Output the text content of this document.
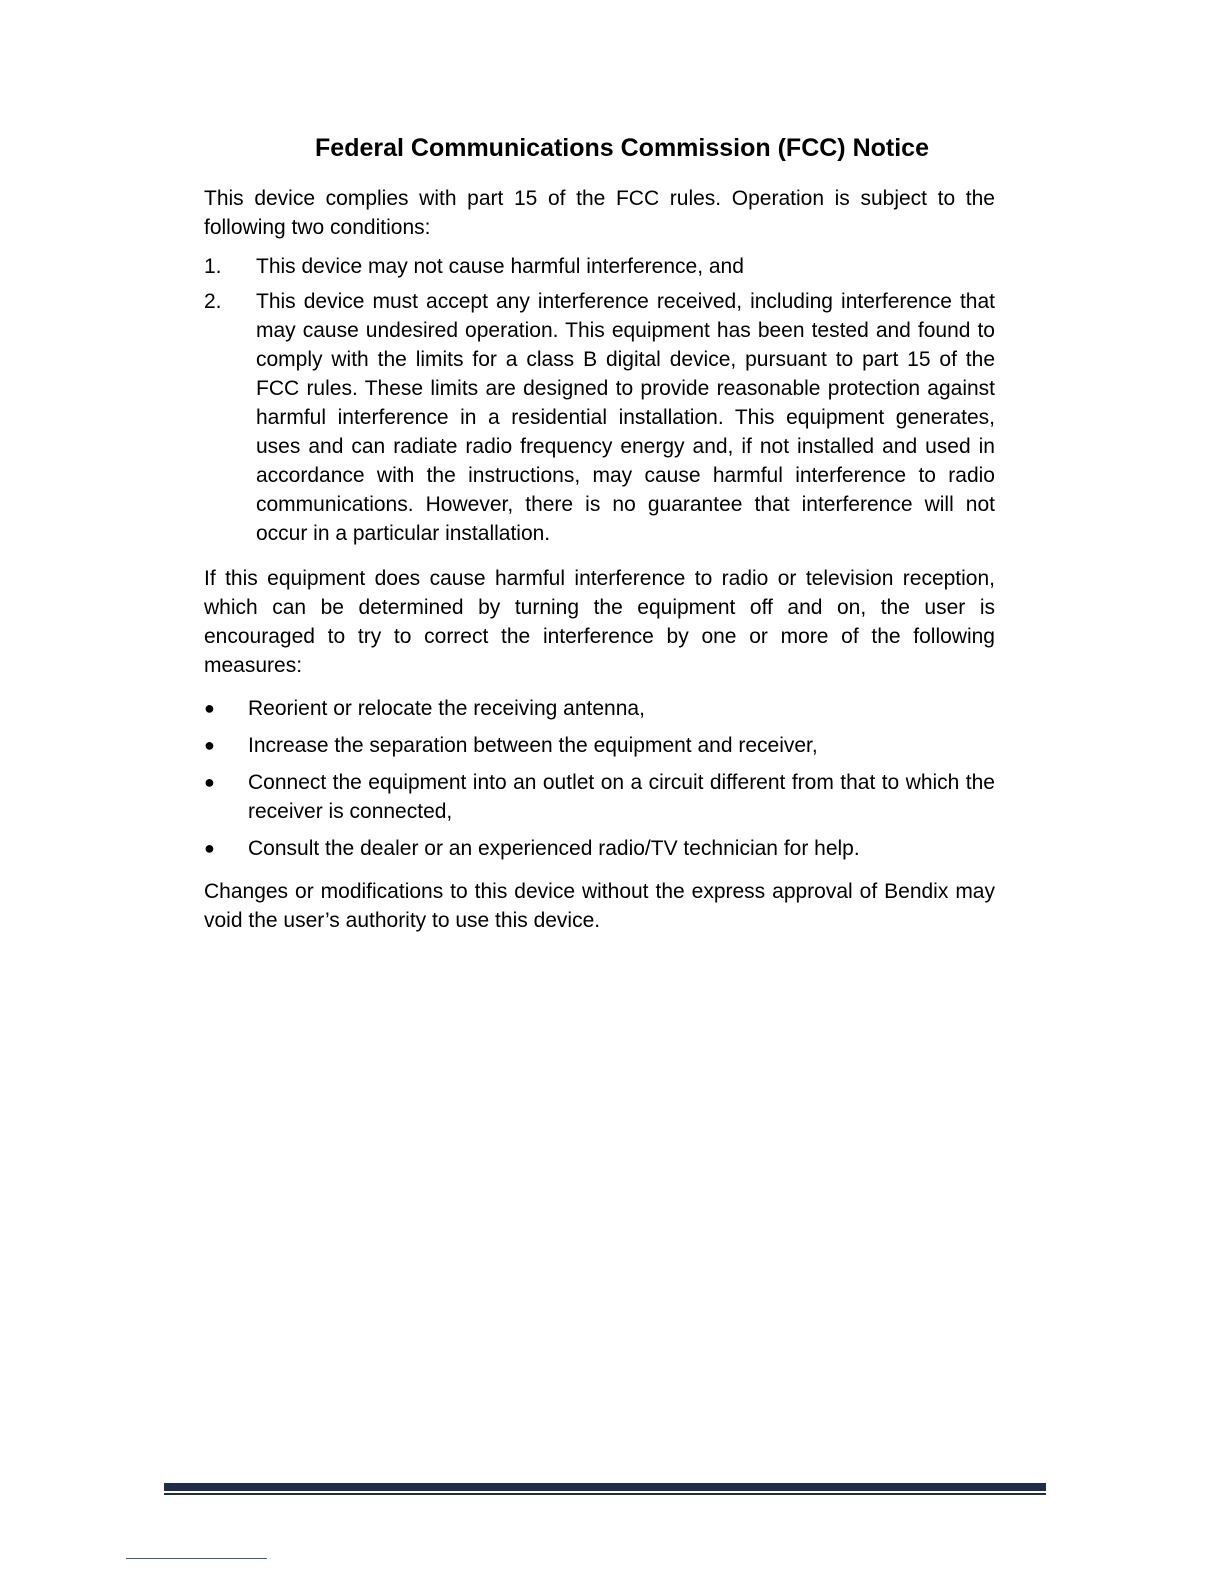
Federal Communications Commission (FCC) Notice

This device complies with part 15 of the FCC rules. Operation is subject to the following two conditions:

1.	This device may not cause harmful interference, and
2.	This device must accept any interference received, including interference that may cause undesired operation. This equipment has been tested and found to comply with the limits for a class B digital device, pursuant to part 15 of the FCC rules. These limits are designed to provide reasonable protection against harmful interference in a residential installation. This equipment generates, uses and can radiate radio frequency energy and, if not installed and used in accordance with the instructions, may cause harmful interference to radio communications. However, there is no guarantee that interference will not occur in a particular installation.

If this equipment does cause harmful interference to radio or television reception, which can be determined by turning the equipment off and on, the user is encouraged to try to correct the interference by one or more of the following measures:

●	Reorient or relocate the receiving antenna,
●	Increase the separation between the equipment and receiver,
●	Connect the equipment into an outlet on a circuit different from that to which the receiver is connected,
●	Consult the dealer or an experienced radio/TV technician for help.

Changes or modifications to this device without the express approval of Bendix may void the user’s authority to use this device.
